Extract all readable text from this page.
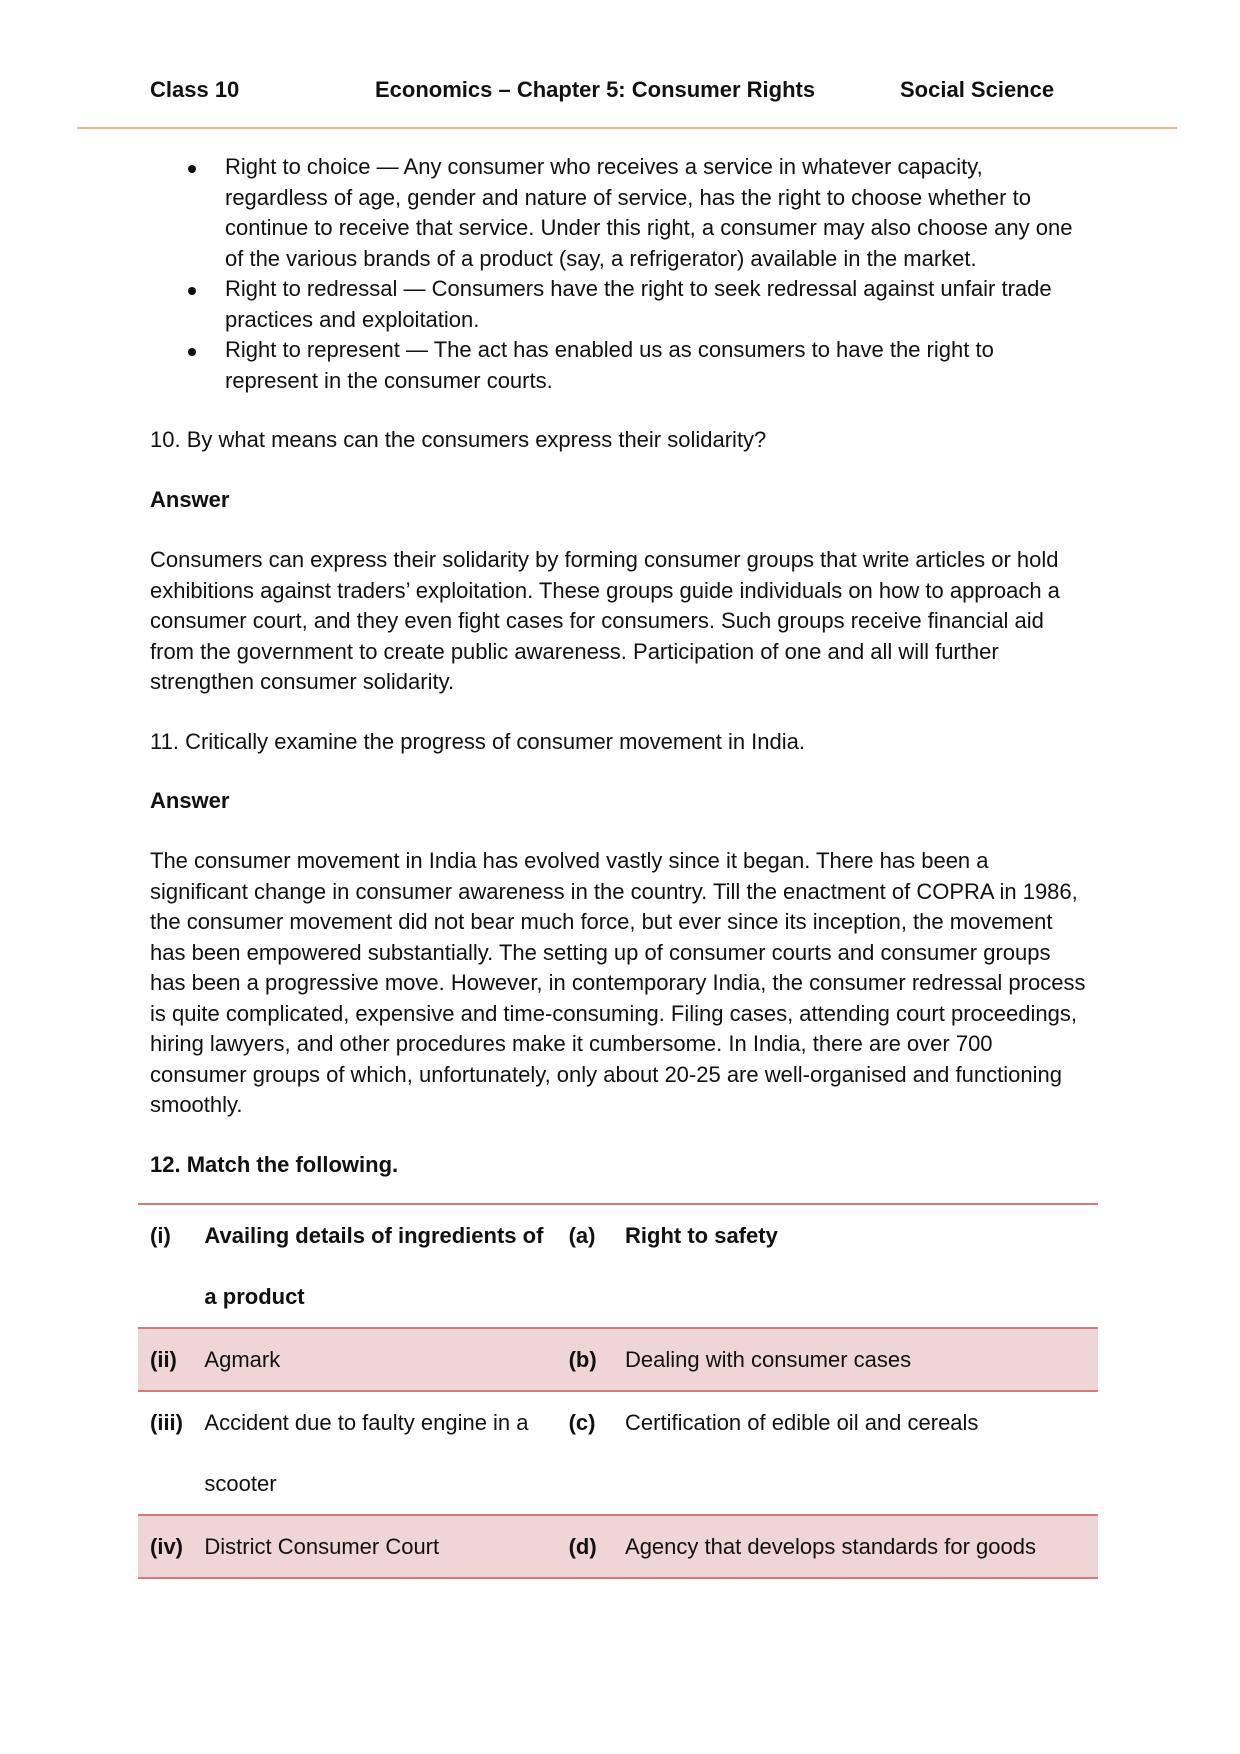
Class 10	Economics – Chapter 5: Consumer Rights	Social Science
Right to choice — Any consumer who receives a service in whatever capacity, regardless of age, gender and nature of service, has the right to choose whether to continue to receive that service. Under this right, a consumer may also choose any one of the various brands of a product (say, a refrigerator) available in the market.
Right to redressal — Consumers have the right to seek redressal against unfair trade practices and exploitation.
Right to represent — The act has enabled us as consumers to have the right to represent in the consumer courts.

10. By what means can the consumers express their solidarity?

Answer

Consumers can express their solidarity by forming consumer groups that write articles or hold exhibitions against traders’ exploitation. These groups guide individuals on how to approach a consumer court, and they even fight cases for consumers. Such groups receive financial aid from the government to create public awareness. Participation of one and all will further strengthen consumer solidarity.

11. Critically examine the progress of consumer movement in India.

Answer

The consumer movement in India has evolved vastly since it began. There has been a significant change in consumer awareness in the country. Till the enactment of COPRA in 1986, the consumer movement did not bear much force, but ever since its inception, the movement has been empowered substantially. The setting up of consumer courts and consumer groups has been a progressive move. However, in contemporary India, the consumer redressal process is quite complicated, expensive and time-consuming. Filing cases, attending court proceedings, hiring lawyers, and other procedures make it cumbersome. In India, there are over 700 consumer groups of which, unfortunately, only about 20-25 are well-organised and functioning smoothly.

12. Match the following.

(i)	Availing details of ingredients of a product	(a)	Right to safety
(ii)	Agmark	(b)	Dealing with consumer cases
(iii)	Accident due to faulty engine in a scooter	(c)	Certification of edible oil and cereals
(iv)	District Consumer Court	(d)	Agency that develops standards for goods
